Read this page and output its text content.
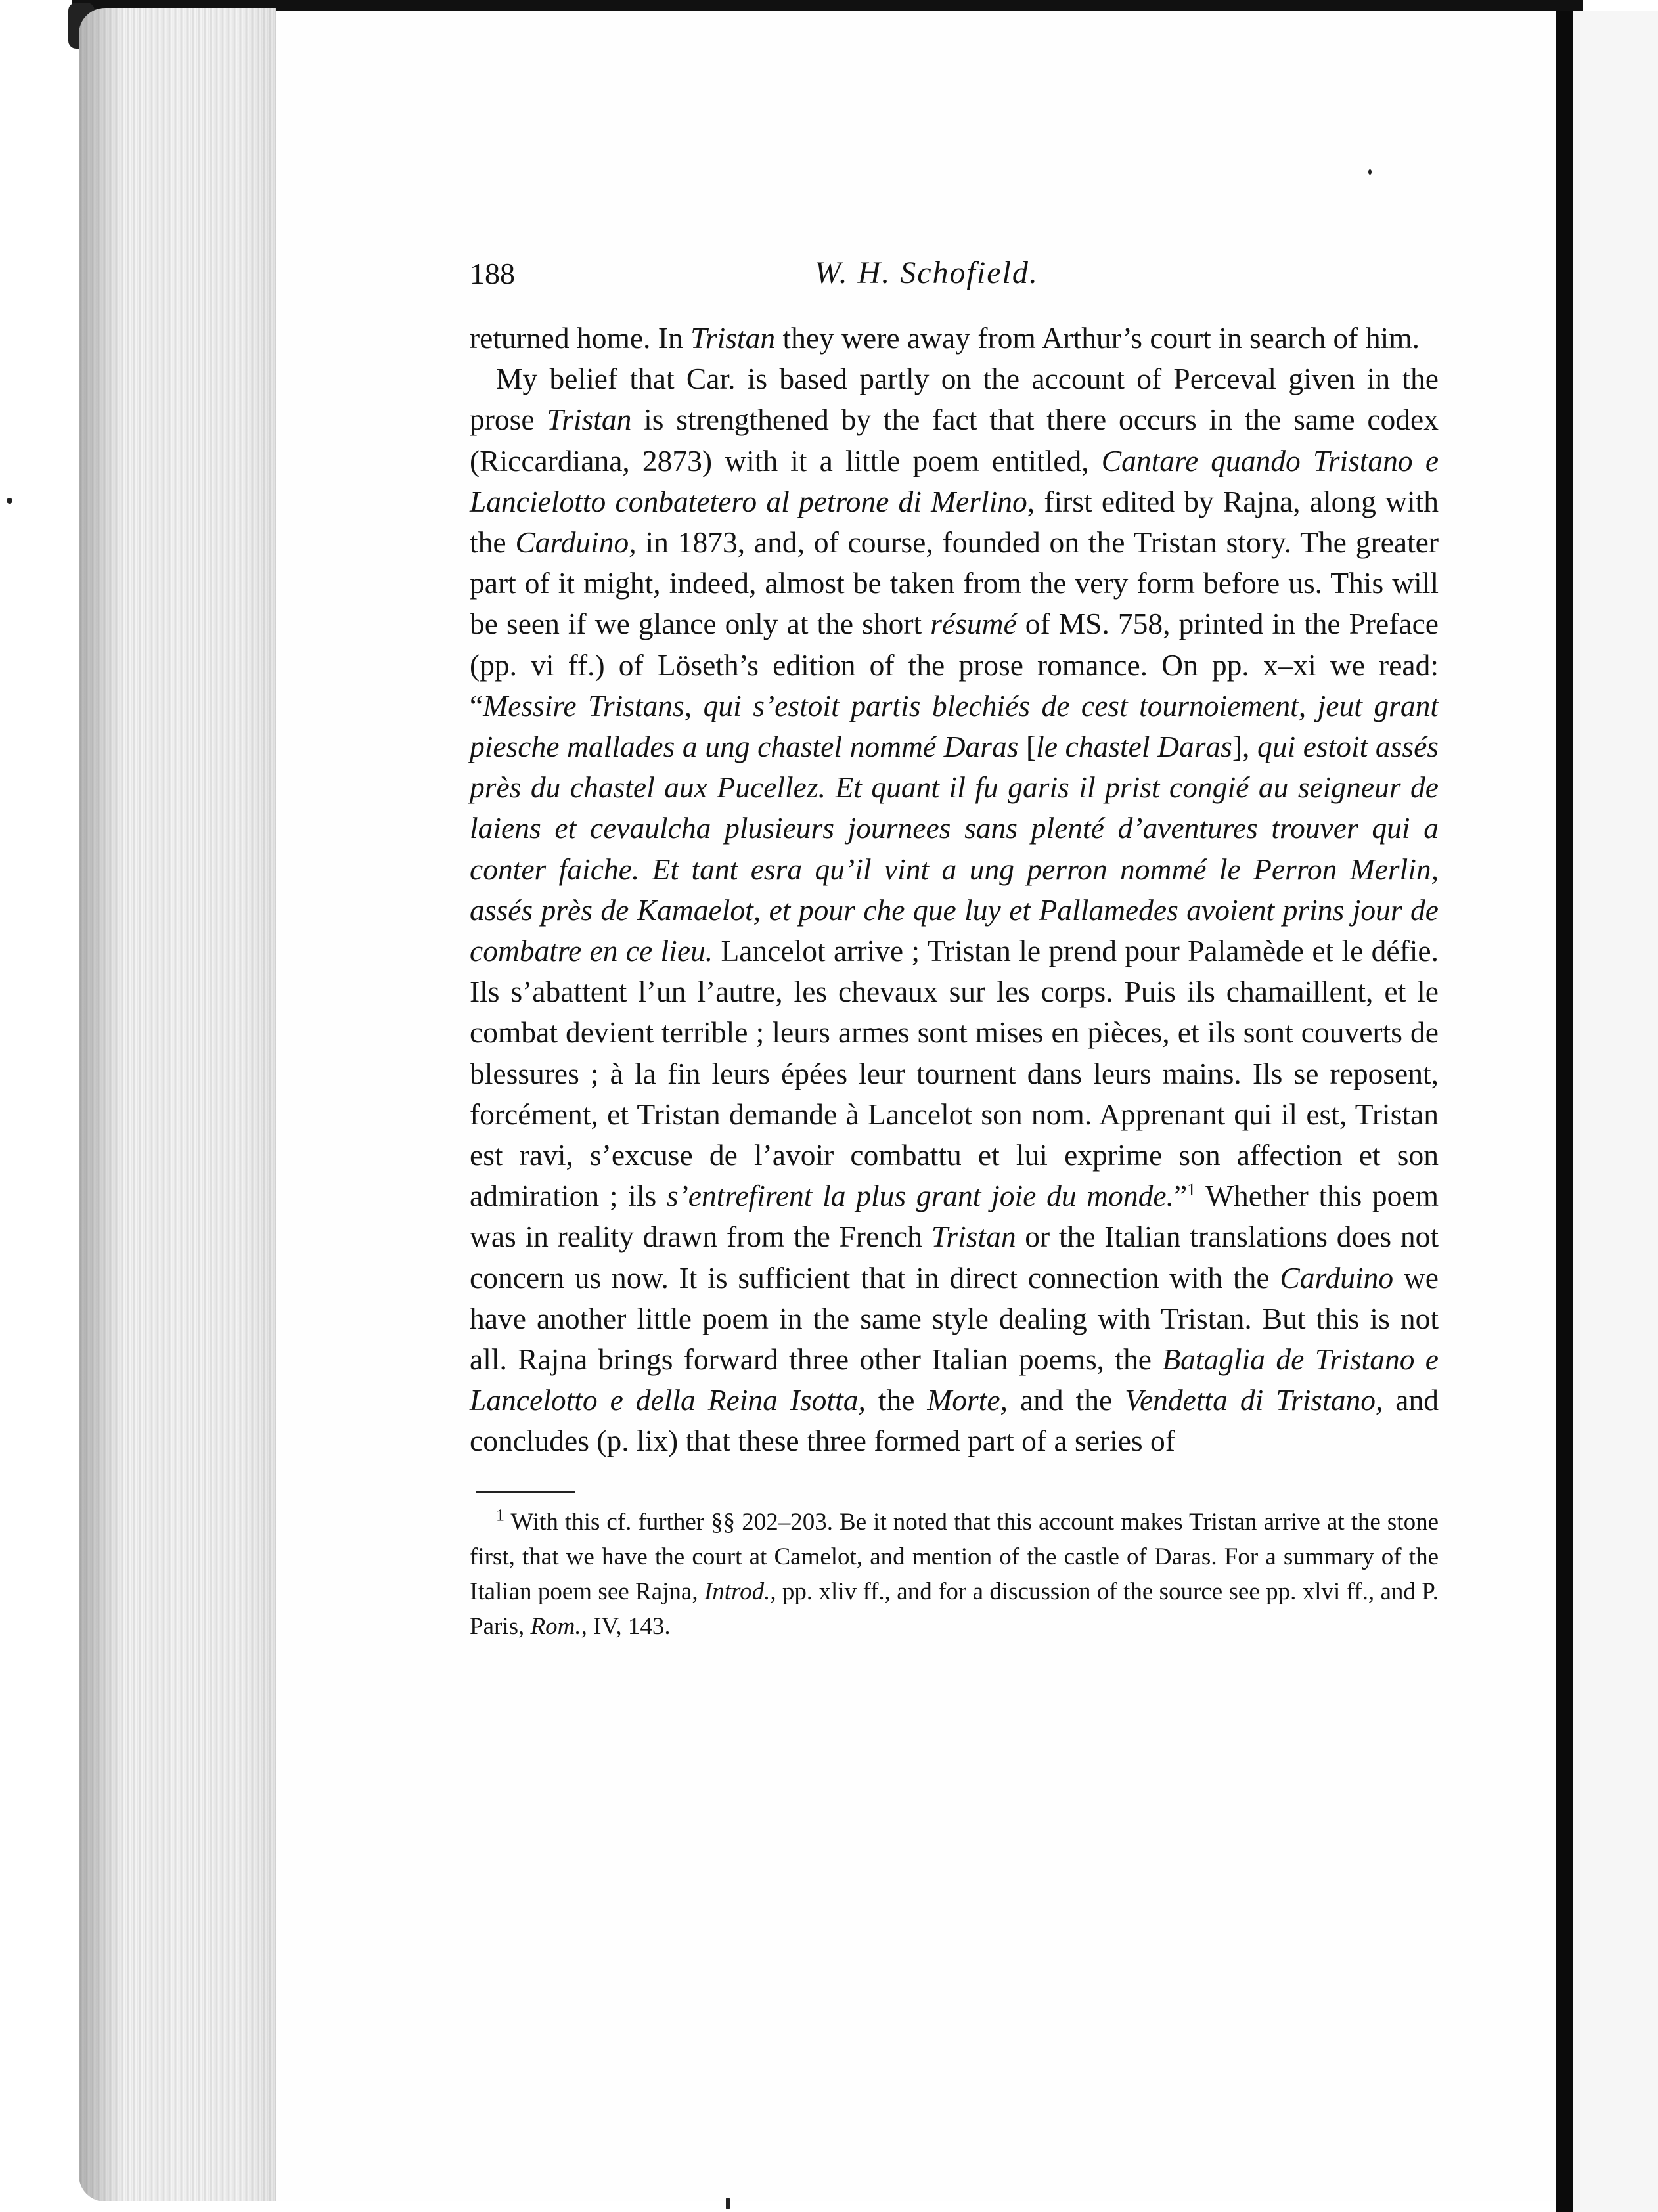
188	W. H. Schofield.

returned home. In Tristan they were away from Arthur’s court in search of him.

My belief that Car. is based partly on the account of Perceval given in the prose Tristan is strengthened by the fact that there occurs in the same codex (Riccardiana, 2873) with it a little poem entitled, Cantare quando Tristano e Lancielotto conbatetero al petrone di Merlino, first edited by Rajna, along with the Carduino, in 1873, and, of course, founded on the Tristan story. The greater part of it might, indeed, almost be taken from the very form before us. This will be seen if we glance only at the short résumé of MS. 758, printed in the Preface (pp. vi ff.) of Löseth’s edition of the prose romance. On pp. x–xi we read: “Messire Tristans, qui s’estoit partis blechiés de cest tournoiement, jeut grant piesche mallades a ung chastel nommé Daras [le chastel Daras], qui estoit assés près du chastel aux Pucellez. Et quant il fu garis il prist congié au seigneur de laiens et cevaulcha plusieurs journees sans plenté d’aventures trouver qui a conter faiche. Et tant esra qu’il vint a ung perron nommé le Perron Merlin, assés près de Kamaelot, et pour che que luy et Pallamedes avoient prins jour de combatre en ce lieu. Lancelot arrive ; Tristan le prend pour Palamède et le défie. Ils s’abattent l’un l’autre, les chevaux sur les corps. Puis ils chamaillent, et le combat devient terrible ; leurs armes sont mises en pièces, et ils sont couverts de blessures ; à la fin leurs épées leur tournent dans leurs mains. Ils se reposent, forcément, et Tristan demande à Lancelot son nom. Apprenant qui il est, Tristan est ravi, s’excuse de l’avoir combattu et lui exprime son affection et son admiration ; ils s’entrefirent la plus grant joie du monde.”$^1$ Whether this poem was in reality drawn from the French Tristan or the Italian translations does not concern us now. It is sufficient that in direct connection with the Carduino we have another little poem in the same style dealing with Tristan. But this is not all. Rajna brings forward three other Italian poems, the Bataglia de Tristano e Lancelotto e della Reina Isotta, the Morte, and the Vendetta di Tristano, and concludes (p. lix) that these three formed part of a series of

$^1$ With this cf. further §§ 202–203. Be it noted that this account makes Tristan arrive at the stone first, that we have the court at Camelot, and mention of the castle of Daras. For a summary of the Italian poem see Rajna, Introd., pp. xliv ff., and for a discussion of the source see pp. xlvi ff., and P. Paris, Rom., IV, 143.
